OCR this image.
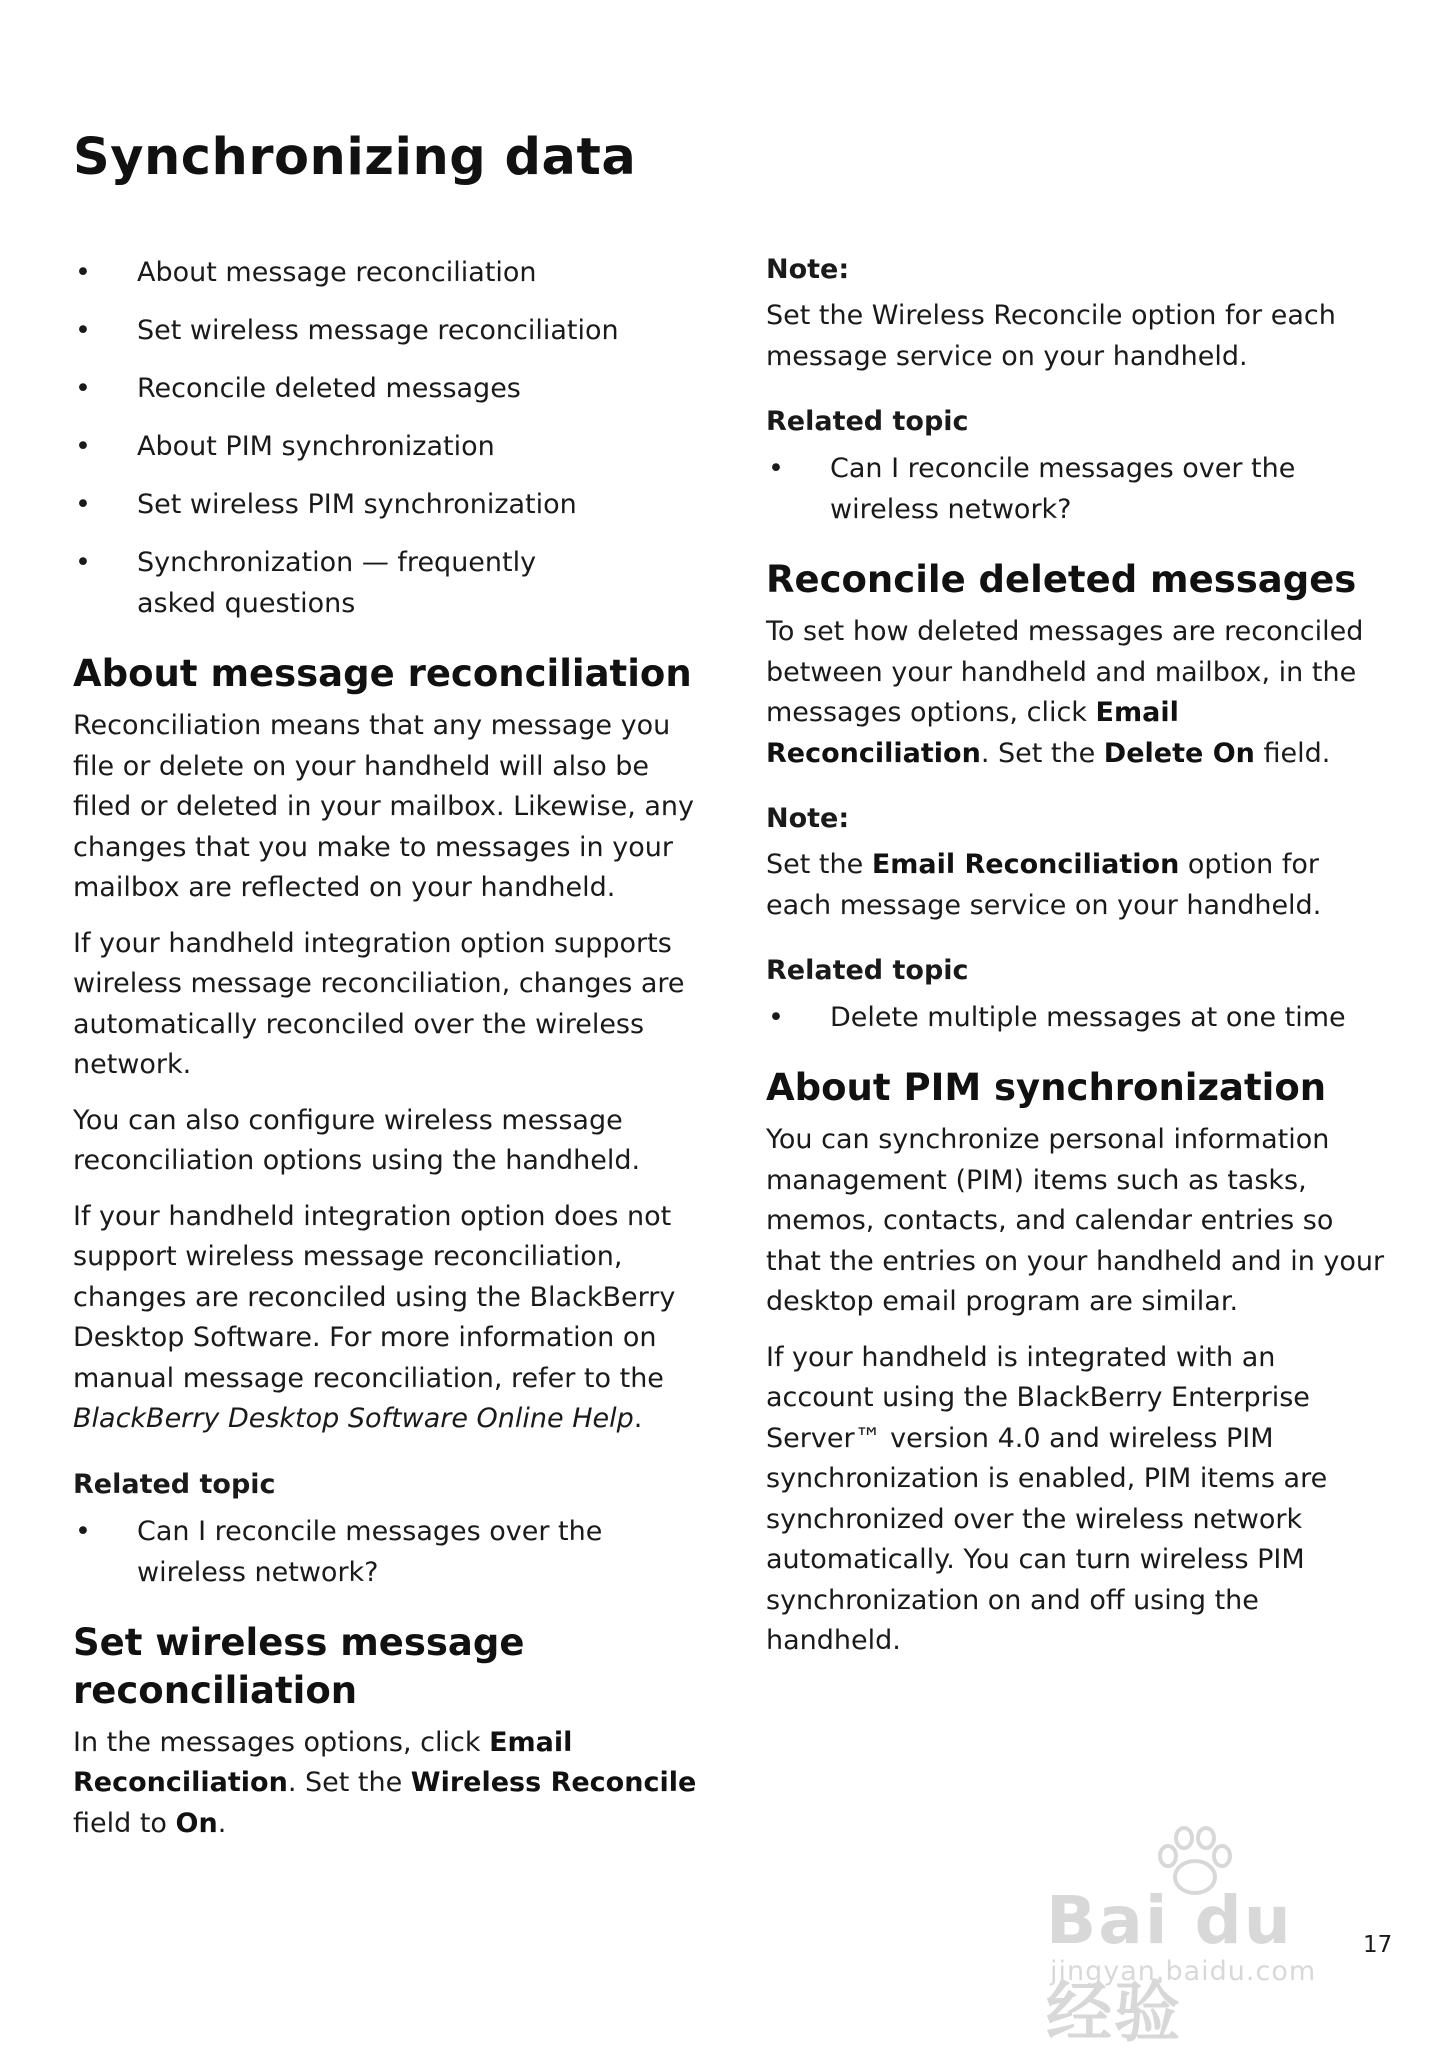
Synchronizing data
• About message reconciliation
• Set wireless message reconciliation
• Reconcile deleted messages
• About PIM synchronization
• Set wireless PIM synchronization
• Synchronization — frequently asked questions
About message reconciliation

Reconciliation means that any message you file or delete on your handheld will also be filed or deleted in your mailbox. Likewise, any changes that you make to messages in your mailbox are reflected on your handheld.

If your handheld integration option supports wireless message reconciliation, changes are automatically reconciled over the wireless network.

You can also configure wireless message reconciliation options using the handheld.

If your handheld integration option does not support wireless message reconciliation, changes are reconciled using the BlackBerry Desktop Software. For more information on manual message reconciliation, refer to the BlackBerry Desktop Software Online Help.

Related topic
• Can I reconcile messages over the wireless network?
Set wireless message reconciliation

In the messages options, click Email Reconciliation. Set the Wireless Reconcile field to On.

Note:

Set the Wireless Reconcile option for each message service on your handheld.

Related topic
• Can I reconcile messages over the wireless network?
Reconcile deleted messages

To set how deleted messages are reconciled between your handheld and mailbox, in the messages options, click Email Reconciliation. Set the Delete On field.

Note:

Set the Email Reconciliation option for each message service on your handheld.

Related topic
• Delete multiple messages at one time
About PIM synchronization

You can synchronize personal information management (PIM) items such as tasks, memos, contacts, and calendar entries so that the entries on your handheld and in your desktop email program are similar.

If your handheld is integrated with an account using the BlackBerry Enterprise Server™ version 4.0 and wireless PIM synchronization is enabled, PIM items are synchronized over the wireless network automatically. You can turn wireless PIM synchronization on and off using the handheld.

Bai du 经验
jingyan.baidu.com
17
